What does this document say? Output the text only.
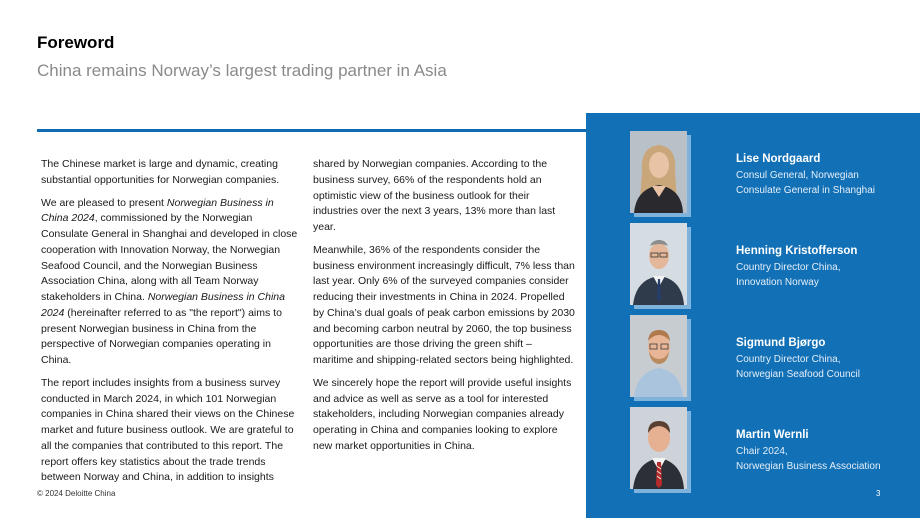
Foreword
China remains Norway’s largest trading partner in Asia

The Chinese market is large and dynamic, creating substantial opportunities for Norwegian companies.

We are pleased to present Norwegian Business in China 2024, commissioned by the Norwegian Consulate General in Shanghai and developed in close cooperation with Innovation Norway, the Norwegian Seafood Council, and the Norwegian Business Association China, along with all Team Norway stakeholders in China. Norwegian Business in China 2024 (hereinafter referred to as "the report") aims to present Norwegian business in China from the perspective of Norwegian companies operating in China.

The report includes insights from a business survey conducted in March 2024, in which 101 Norwegian companies in China shared their views on the Chinese market and future business outlook. We are grateful to all the companies that contributed to this report. The report offers key statistics about the trade trends between Norway and China, in addition to insights

shared by Norwegian companies. According to the business survey, 66% of the respondents hold an optimistic view of the business outlook for their industries over the next 3 years, 13% more than last year.

Meanwhile, 36% of the respondents consider the business environment increasingly difficult, 7% less than last year. Only 6% of the surveyed companies consider reducing their investments in China in 2024. Propelled by China’s dual goals of peak carbon emissions by 2030 and becoming carbon neutral by 2060, the top business opportunities are those driving the green shift – maritime and shipping-related sectors being highlighted.

We sincerely hope the report will provide useful insights and advice as well as serve as a tool for interested stakeholders, including Norwegian companies already operating in China and companies looking to explore new market opportunities in China.

Lise Nordgaard
Consul General, Norwegian
Consulate General in Shanghai
Henning Kristofferson
Country Director China,
Innovation Norway
Sigmund Bjørgo
Country Director China,
Norwegian Seafood Council
Martin Wernli
Chair 2024,
Norwegian Business Association
© 2024 Deloitte China	3
